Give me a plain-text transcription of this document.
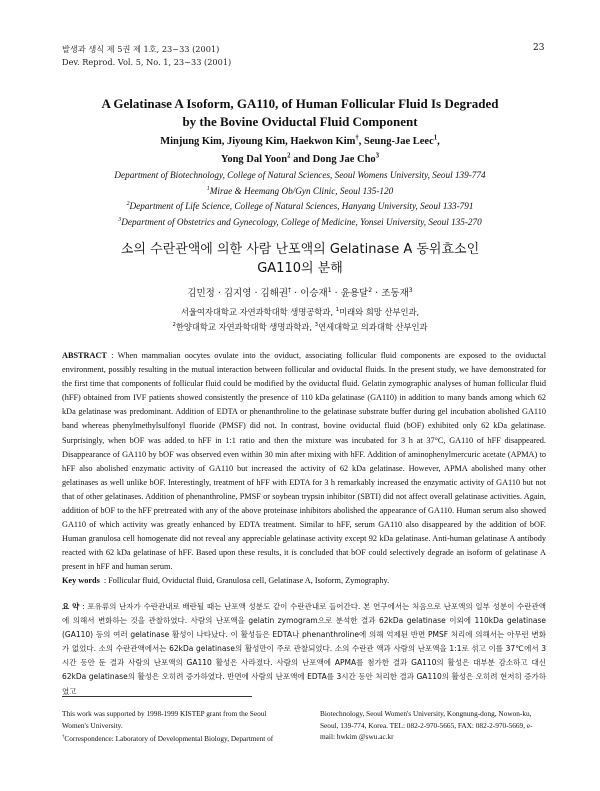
발생과 생식 제 5권 제 1호, 23~33 (2001)
Dev. Reprod. Vol. 5, No. 1, 23~33 (2001)
23
A Gelatinase A Isoform, GA110, of Human Follicular Fluid Is Degraded
by the Bovine Oviductal Fluid Component
Minjung Kim, Jiyoung Kim, Haekwon Kim†, Seung-Jae Leec$^1$,
Yong Dal Yoon$^2$ and Dong Jae Cho$^3$
Department of Biotechnology, College of Natural Sciences, Seoul Womens University, Seoul 139-774
$^1$Mirae & Heemang Ob/Gyn Clinic, Seoul 135-120
$^2$Department of Life Science, College of Natural Sciences, Hanyang University, Seoul 133-791
$^3$Department of Obstetrics and Gynecology, College of Medicine, Yonsei University, Seoul 135-270
소의 수란관액에 의한 사람 난포액의 Gelatinase A 동위효소인
GA110의 분해
김민정 · 김지영 · 김해권† · 이승재$^1$ · 윤용달$^2$ · 조동재$^3$
서울여자대학교 자연과학대학 생명공학과, $^1$미래와 희망 산부인과,
$^2$한양대학교 자연과학대학 생명과학과, $^3$연세대학교 의과대학 산부인과
ABSTRACT : When mammalian oocytes ovulate into the oviduct, associating follicular fluid components are exposed to the oviductal environment, possibly resulting in the mutual interaction between follicular and oviductal fluids. In the present study, we have demonstrated for the first time that components of follicular fluid could be modified by the oviductal fluid. Gelatin zymographic analyses of human follicular fluid (hFF) obtained from IVF patients showed consistently the presence of 110 kDa gelatinase (GA110) in addition to many bands among which 62 kDa gelatinase was predominant. Addition of EDTA or phenanthroline to the gelatinase substrate buffer during gel incubation abolished GA110 band whereas phenylmethylsulfonyl fluoride (PMSF) did not. In contrast, bovine oviductal fluid (bOF) exhibited only 62 kDa gelatinase. Surprisingly, when bOF was added to hFF in 1:1 ratio and then the mixture was incubated for 3 h at 37°C, GA110 of hFF disappeared. Disappearance of GA110 by bOF was observed even within 30 min after mixing with hFF. Addition of aminophenylmercuric acetate (APMA) to hFF also abolished enzymatic activity of GA110 but increased the activity of 62 kDa gelatinase. However, APMA abolished many other gelatinases as well unlike bOF. Interestingly, treatment of hFF with EDTA for 3 h remarkably increased the enzymatic activity of GA110 but not that of other gelatinases. Addition of phenanthroline, PMSF or soybean trypsin inhibitor (SBTI) did not affect overall gelatinase activities. Again, addition of bOF to the hFF pretreated with any of the above proteinase inhibitors abolished the appearance of GA110. Human serum also showed GA110 of which activity was greatly enhanced by EDTA treatment. Similar to hFF, serum GA110 also disappeared by the addition of bOF. Human granulosa cell homogenate did not reveal any appreciable gelatinase activity except 92 kDa gelatinase. Anti-human gelatinase A antibody reacted with 62 kDa gelatinase of hFF. Based upon these results, it is concluded that bOF could selectively degrade an isoform of gelatinase A present in hFF and human serum.
Key words : Follicular fluid, Oviductal fluid, Granulosa cell, Gelatinase A, Isoform, Zymography.
요 약 : 포유류의 난자가 수란관내로 배란될 때는 난포액 성분도 같이 수란관내로 들어간다. 본 연구에서는 처음으로 난포액의 일부 성분이 수란관액에 의해서 변화하는 것을 관찰하였다. 사람의 난포액을 gelatin zymogram으로 분석한 결과 62kDa gelatinase 이외에 110kDa gelatinase (GA110) 등의 여러 gelatinase 활성이 나타났다. 이 활성들은 EDTA나 phenanthroline에 의해 억제된 반면 PMSF 처리에 의해서는 아무런 변화가 없었다. 소의 수란관액에서는 62kDa gelatinase의 활성만이 주로 관찰되었다. 소의 수란관 액과 사람의 난포액을 1:1로 섞고 이를 37℃에서 3시간 동안 둔 결과 사람의 난포액의 GA110 활성은 사라졌다. 사람의 난포액에 APMA를 첨가한 결과 GA110의 활성은 대부분 감소하고 대신 62kDa gelatinase의 활성은 오히려 증가하였다. 반면에 사람의 난포액에 EDTA를 3시간 동안 처리한 결과 GA110의 활성은 오히려 현저히 증가하였고

This work was supported by 1998-1999 KISTEP grant from the Seoul Women's University.

†Correspondence: Laboratory of Developmental Biology, Department of

Biotechnology, Seoul Women's University, Kongnung-dong, Nowon-ku, Seoul, 139-774, Korea. TEL: 082-2-970-5665, FAX: 082-2-970-5669, e-mail: hwkim @swu.ac.kr
